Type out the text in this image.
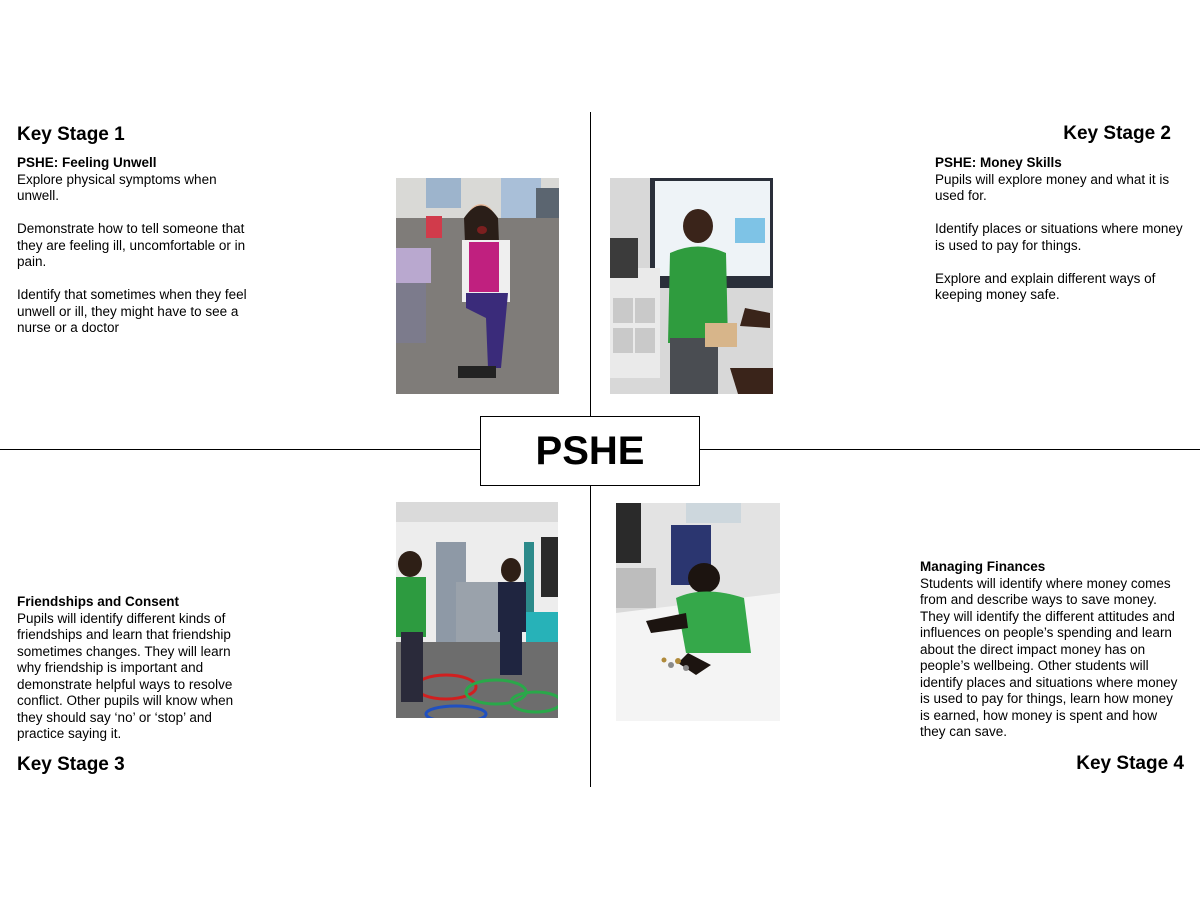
Key Stage 1
PSHE: Feeling Unwell

Explore physical symptoms when unwell.

Demonstrate how to tell someone that they are feeling ill, uncomfortable or in pain.

Identify that sometimes when they feel unwell or ill, they might have to see a nurse or a doctor

Key Stage 2
PSHE: Money Skills

Pupils will explore money and what it is used for.

Identify places or situations where money is used to pay for things.

Explore and explain different ways of keeping money safe.

Friendships and Consent

Pupils will identify different kinds of friendships and learn that friendship sometimes changes. They will learn why friendship is important and demonstrate helpful ways to resolve conflict. Other pupils will know when they should say ‘no’ or ‘stop’ and practice saying it.

Key Stage 3
Managing Finances

Students will identify where money comes from and describe ways to save money. They will identify the different attitudes and influences on people’s spending and learn about the direct impact money has on people’s wellbeing. Other students will identify places and situations where money is used to pay for things, learn how money is earned, how money is spent and how they can save.

Key Stage 4
PSHE
